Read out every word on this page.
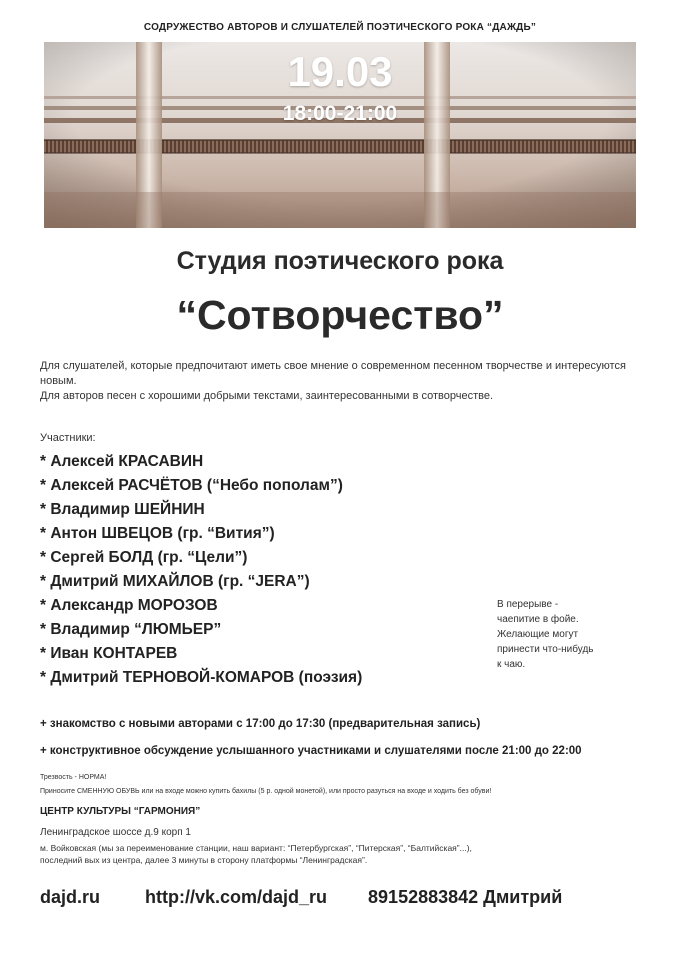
СОДРУЖЕСТВО АВТОРОВ И СЛУШАТЕЛЕЙ ПОЭТИЧЕСКОГО РОКА “ДАЖДЬ”
19.03
18:00-21:00
2017
Студия поэтического рока
“Сотворчество”

Для слушателей, которые предпочитают иметь свое мнение о современном песенном творчестве и интересуются новым.

Для авторов песен с хорошими добрыми текстами, заинтересованными в сотворчестве.

Участники:
* Алексей КРАСАВИН
* Алексей РАСЧЁТОВ (“Небо пополам”)
* Владимир ШЕЙНИН
* Антон ШВЕЦОВ (гр. “Вития”)
* Сергей БОЛД (гр. “Цели”)
* Дмитрий МИХАЙЛОВ (гр. “JERA”)
* Александр МОРОЗОВ
* Владимир “ЛЮМЬЕР”
* Иван КОНТАРЕВ
* Дмитрий ТЕРНОВОЙ-КОМАРОВ (поэзия)
В перерыве -
чаепитие в фойе.
Желающие могут
принести что-нибудь
к чаю.
+ знакомство с новыми авторами с 17:00 до 17:30 (предварительная запись)
+ конструктивное обсуждение услышанного участниками и слушателями после 21:00 до 22:00
Трезвость - НОРМА!
Приносите СМЕННУЮ ОБУВЬ или на входе можно купить бахилы (5 р. одной монетой), или просто разуться на входе и ходить без обуви!
ЦЕНТР КУЛЬТУРЫ “ГАРМОНИЯ”
Ленинградское шоссе д.9 корп 1
м. Войковская (мы за переименование станции, наш вариант: “Петербургская”, “Питерская”, “Балтийская”...),
последний вых из центра, далее 3 минуты в сторону платформы “Ленинградская”.
dajd.ru	http://vk.com/dajd_ru 89152883842 Дмитрий
